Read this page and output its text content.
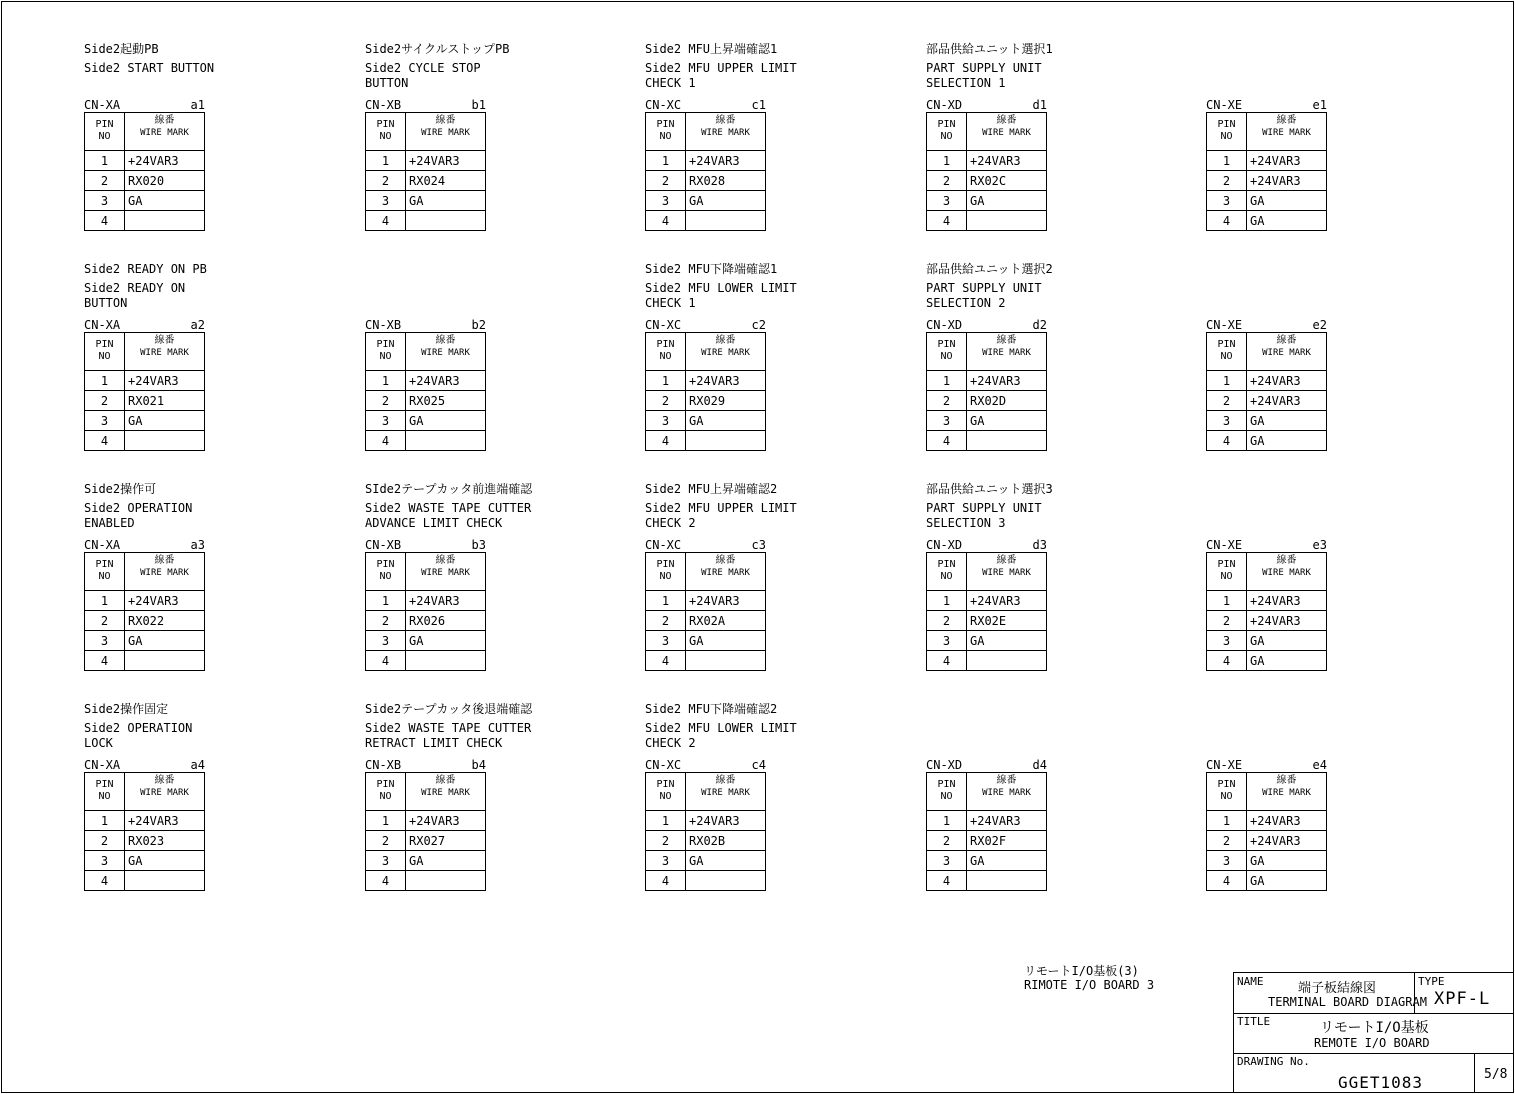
Side2起動PB
Side2 START BUTTON
CN-XA	a1
PIN
NO	線番
WIRE MARK

1	+24VAR3
2	RX020
3	GA
4	
Side2サイクルストップPB
Side2 CYCLE STOP
BUTTON
CN-XB	b1
PIN
NO	線番
WIRE MARK

1	+24VAR3
2	RX024
3	GA
4	
Side2 MFU上昇端確認1
Side2 MFU UPPER LIMIT
CHECK 1
CN-XC	c1
PIN
NO	線番
WIRE MARK

1	+24VAR3
2	RX028
3	GA
4	
部品供給ユニット選択1
PART SUPPLY UNIT
SELECTION 1
CN-XD	d1
PIN
NO	線番
WIRE MARK

1	+24VAR3
2	RX02C
3	GA
4	
CN-XE	e1
PIN
NO	線番
WIRE MARK

1	+24VAR3
2	+24VAR3
3	GA
4	GA
Side2 READY ON PB
Side2 READY ON
BUTTON
CN-XA	a2
PIN
NO	線番
WIRE MARK

1	+24VAR3
2	RX021
3	GA
4	
CN-XB	b2
PIN
NO	線番
WIRE MARK

1	+24VAR3
2	RX025
3	GA
4	
Side2 MFU下降端確認1
Side2 MFU LOWER LIMIT
CHECK 1
CN-XC	c2
PIN
NO	線番
WIRE MARK

1	+24VAR3
2	RX029
3	GA
4	
部品供給ユニット選択2
PART SUPPLY UNIT
SELECTION 2
CN-XD	d2
PIN
NO	線番
WIRE MARK

1	+24VAR3
2	RX02D
3	GA
4	
CN-XE	e2
PIN
NO	線番
WIRE MARK

1	+24VAR3
2	+24VAR3
3	GA
4	GA
Side2操作可
Side2 OPERATION
ENABLED
CN-XA	a3
PIN
NO	線番
WIRE MARK

1	+24VAR3
2	RX022
3	GA
4	
SIde2テープカッタ前進端確認
Side2 WASTE TAPE CUTTER
ADVANCE LIMIT CHECK
CN-XB	b3
PIN
NO	線番
WIRE MARK

1	+24VAR3
2	RX026
3	GA
4	
Side2 MFU上昇端確認2
Side2 MFU UPPER LIMIT
CHECK 2
CN-XC	c3
PIN
NO	線番
WIRE MARK

1	+24VAR3
2	RX02A
3	GA
4	
部品供給ユニット選択3
PART SUPPLY UNIT
SELECTION 3
CN-XD	d3
PIN
NO	線番
WIRE MARK

1	+24VAR3
2	RX02E
3	GA
4	
CN-XE	e3
PIN
NO	線番
WIRE MARK

1	+24VAR3
2	+24VAR3
3	GA
4	GA
Side2操作固定
Side2 OPERATION
LOCK
CN-XA	a4
PIN
NO	線番
WIRE MARK

1	+24VAR3
2	RX023
3	GA
4	
Side2テープカッタ後退端確認
Side2 WASTE TAPE CUTTER
RETRACT LIMIT CHECK
CN-XB	b4
PIN
NO	線番
WIRE MARK

1	+24VAR3
2	RX027
3	GA
4	
Side2 MFU下降端確認2
Side2 MFU LOWER LIMIT
CHECK 2
CN-XC	c4
PIN
NO	線番
WIRE MARK

1	+24VAR3
2	RX02B
3	GA
4	
CN-XD	d4
PIN
NO	線番
WIRE MARK

1	+24VAR3
2	RX02F
3	GA
4	
CN-XE	e4
PIN
NO	線番
WIRE MARK

1	+24VAR3
2	+24VAR3
3	GA
4	GA
リモートI/O基板(3)
RIMOTE I/O BOARD 3	NAME	端子板結線図
TERMINAL BOARD DIAGRAM
TYPE
XPF-L
TITLE	リモートI/O基板
REMOTE I/O BOARD
DRAWING No.
GGET1083	5/8
